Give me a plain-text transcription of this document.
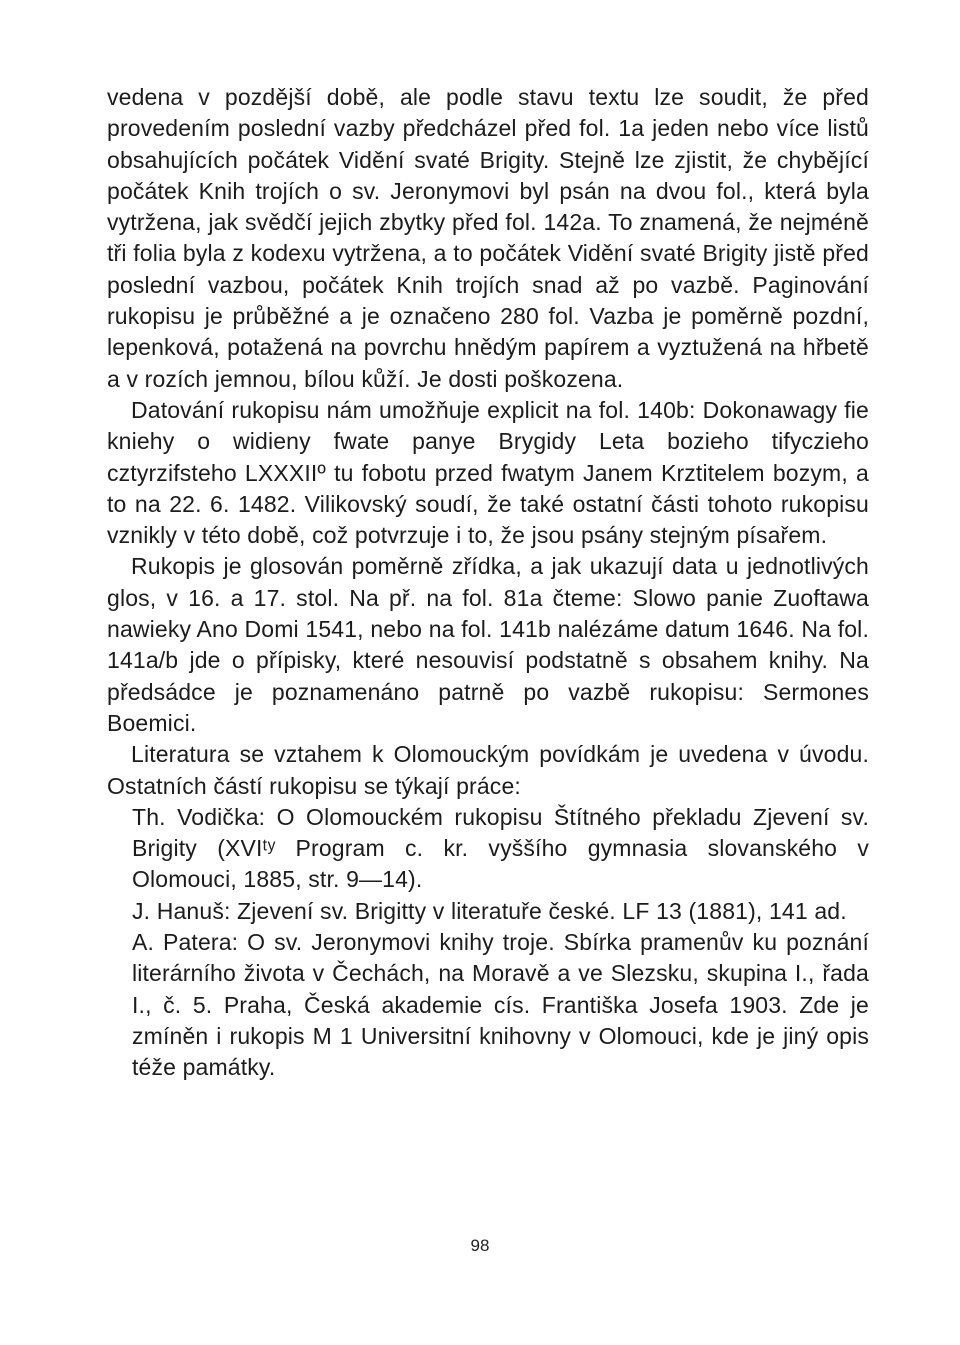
vedena v pozdější době, ale podle stavu textu lze soudit, že před provedením poslední vazby předcházel před fol. 1a jeden nebo více listů obsahujících počátek Vidění svaté Brigity. Stejně lze zjistit, že chybějící počátek Knih trojích o sv. Jeronymovi byl psán na dvou fol., která byla vytržena, jak svědčí jejich zbytky před fol. 142a. To znamená, že nejméně tři folia byla z kodexu vytržena, a to počátek Vidění svaté Brigity jistě před poslední vazbou, počátek Knih trojích snad až po vazbě. Paginování rukopisu je průběžné a je označeno 280 fol. Vazba je poměrně pozdní, lepenková, potažená na povrchu hnědým papírem a vyztužená na hřbetě a v rozích jemnou, bílou kůží. Je dosti poškozena.

Datování rukopisu nám umožňuje explicit na fol. 140b: Dokonawagy fie kniehy o widieny fwate panye Brygidy Leta bozieho tifyczieho cztyrzifsteho LXXXIIº tu fobotu przed fwatym Janem Krztitelem bozym, a to na 22. 6. 1482. Vilikovský soudí, že také ostatní části tohoto rukopisu vznikly v této době, což potvrzuje i to, že jsou psány stejným písařem.

Rukopis je glosován poměrně zřídka, a jak ukazují data u jednotlivých glos, v 16. a 17. stol. Na př. na fol. 81a čteme: Slowo panie Zuoftawa nawieky Ano Domi 1541, nebo na fol. 141b nalézáme datum 1646. Na fol. 141a/b jde o přípisky, které nesouvisí podstatně s obsahem knihy. Na předsádce je poznamenáno patrně po vazbě rukopisu: Sermones Boemici.

Literatura se vztahem k Olomouckým povídkám je uvedena v úvodu. Ostatních částí rukopisu se týkají práce:

Th. Vodička: O Olomouckém rukopisu Štítného překladu Zjevení sv. Brigity (XVIᵗʸ Program c. kr. vyššího gymnasia slovanského v Olomouci, 1885, str. 9—14).

J. Hanuš: Zjevení sv. Brigitty v literatuře české. LF 13 (1881), 141 ad.

A. Patera: O sv. Jeronymovi knihy troje. Sbírka pramenův ku poznání literárního života v Čechách, na Moravě a ve Slezsku, skupina I., řada I., č. 5. Praha, Česká akademie cís. Františka Josefa 1903. Zde je zmíněn i rukopis M 1 Universitní knihovny v Olomouci, kde je jiný opis téže památky.

98
